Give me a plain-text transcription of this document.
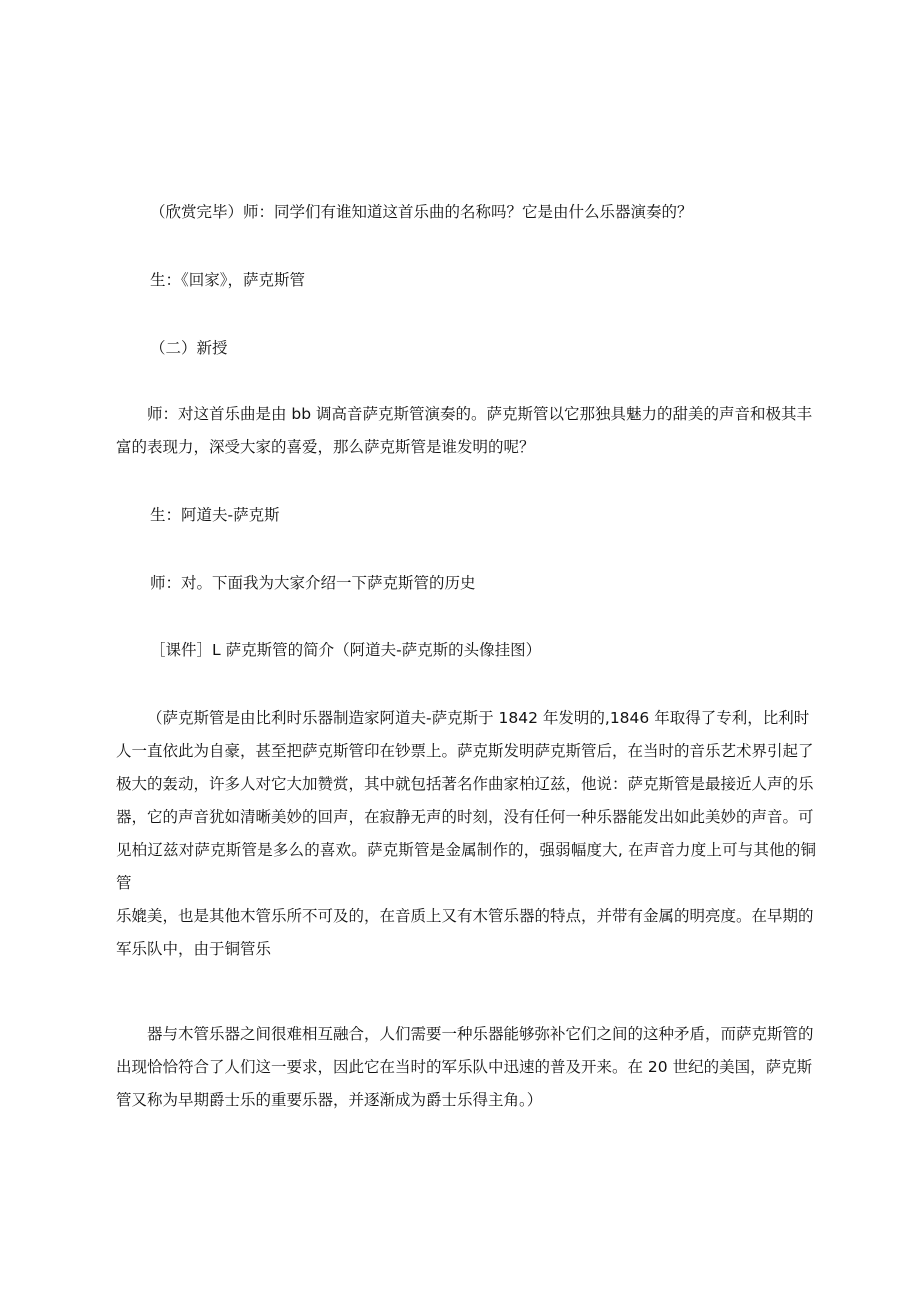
（欣赏完毕）师：同学们有谁知道这首乐曲的名称吗？它是由什么乐器演奏的？
生：《回家》，萨克斯管
（二）新授
师：对这首乐曲是由 bb 调高音萨克斯管演奏的。萨克斯管以它那独具魅力的甜美的声音和极其丰
富的表现力，深受大家的喜爱，那么萨克斯管是谁发明的呢？
生：阿道夫-萨克斯
师：对。下面我为大家介绍一下萨克斯管的历史
［课件］L 萨克斯管的简介（阿道夫-萨克斯的头像挂图）
（萨克斯管是由比利时乐器制造家阿道夫-萨克斯于 1842 年发明的,1846 年取得了专利，比利时
人一直依此为自豪，甚至把萨克斯管印在钞票上。萨克斯发明萨克斯管后，在当时的音乐艺术界引起了
极大的轰动，许多人对它大加赞赏，其中就包括著名作曲家柏辽兹，他说：萨克斯管是最接近人声的乐
器，它的声音犹如清晰美妙的回声，在寂静无声的时刻，没有任何一种乐器能发出如此美妙的声音。可
见柏辽兹对萨克斯管是多么的喜欢。萨克斯管是金属制作的，强弱幅度大, 在声音力度上可与其他的铜管
乐媲美，也是其他木管乐所不可及的，在音质上又有木管乐器的特点，并带有金属的明亮度。在早期的
军乐队中，由于铜管乐
器与木管乐器之间很难相互融合，人们需要一种乐器能够弥补它们之间的这种矛盾，而萨克斯管的
出现恰恰符合了人们这一要求，因此它在当时的军乐队中迅速的普及开来。在 20 世纪的美国，萨克斯
管又称为早期爵士乐的重要乐器，并逐渐成为爵士乐得主角。）
